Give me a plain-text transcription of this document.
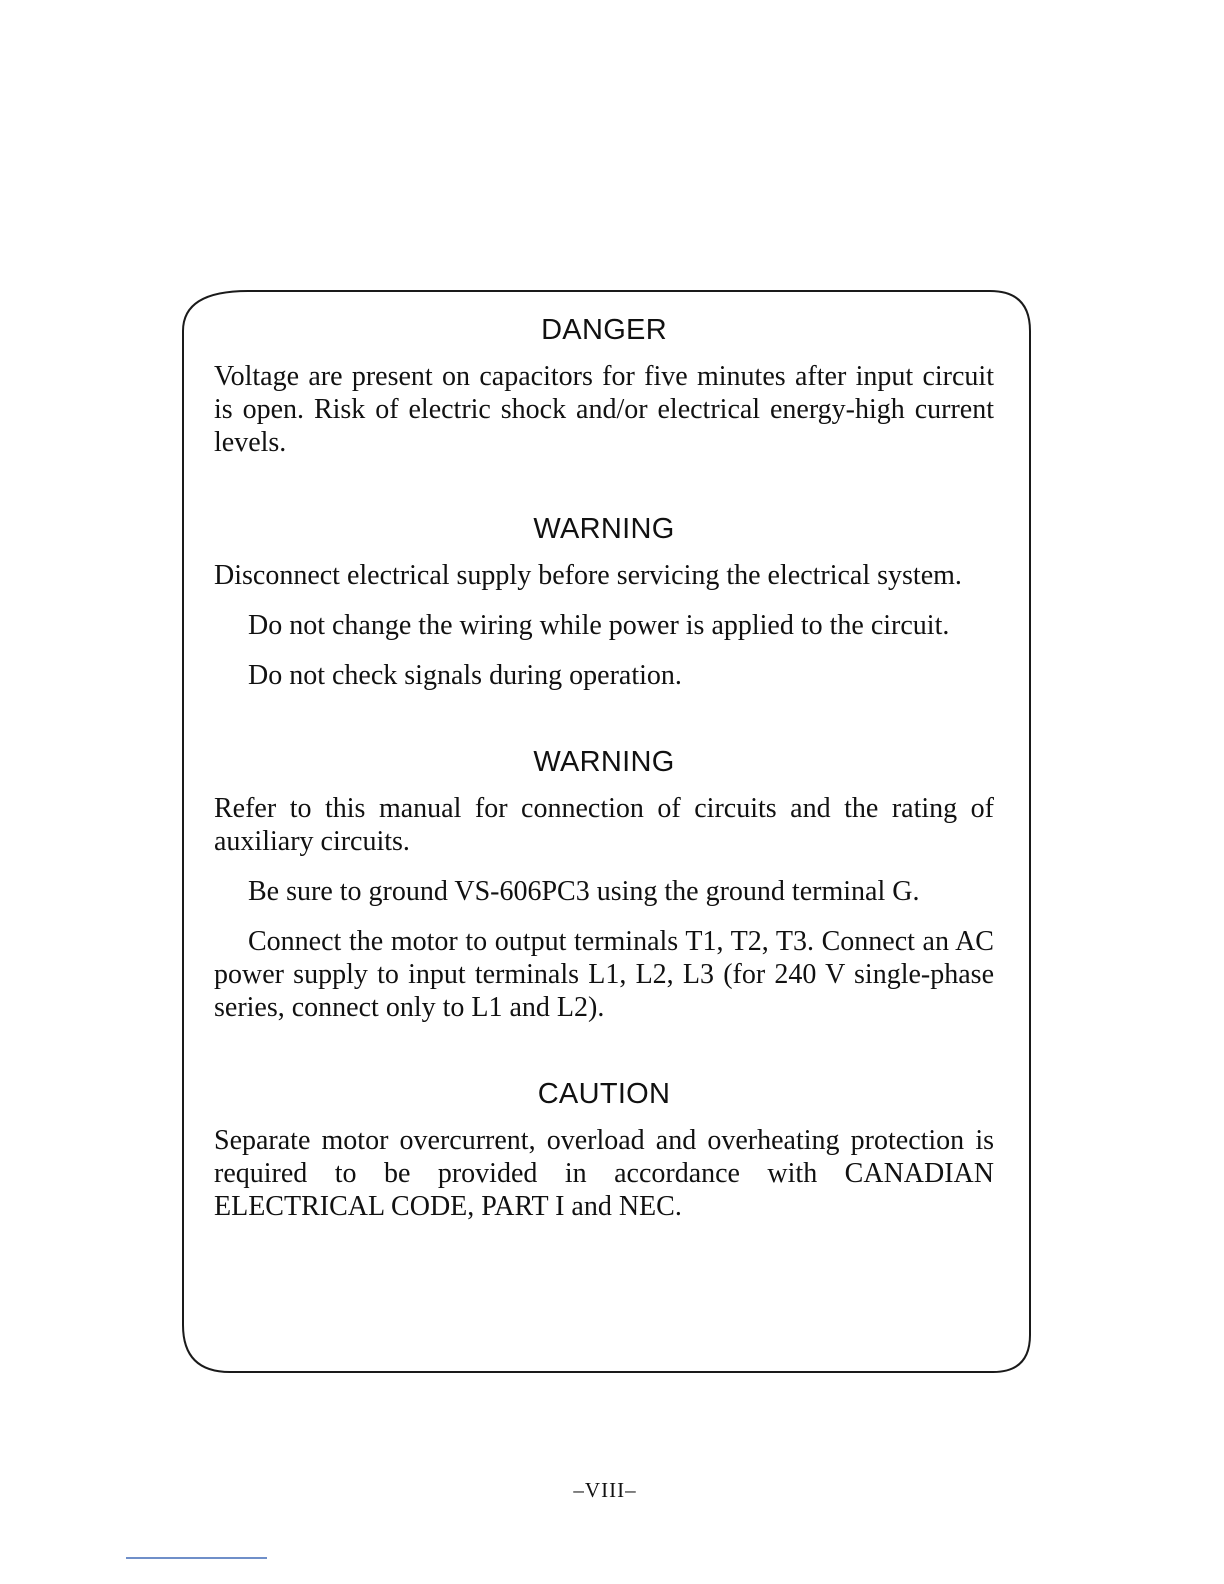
DANGER

Voltage are present on capacitors for five minutes after input circuit is open. Risk of electric shock and/or electrical energy-high current levels.

WARNING

Disconnect electrical supply before servicing the electrical system.

Do not change the wiring while power is applied to the circuit.

Do not check signals during operation.

WARNING

Refer to this manual for connection of circuits and the rating of auxiliary circuits.

Be sure to ground VS-606PC3 using the ground terminal G.

Connect the motor to output terminals T1, T2, T3. Connect an AC power supply to input terminals L1, L2, L3 (for 240 V single-phase series, connect only to L1 and L2).

CAUTION

Separate motor overcurrent, overload and overheating protection is required to be provided in accordance with CANADIAN ELECTRICAL CODE, PART I and NEC.

–VIII–
